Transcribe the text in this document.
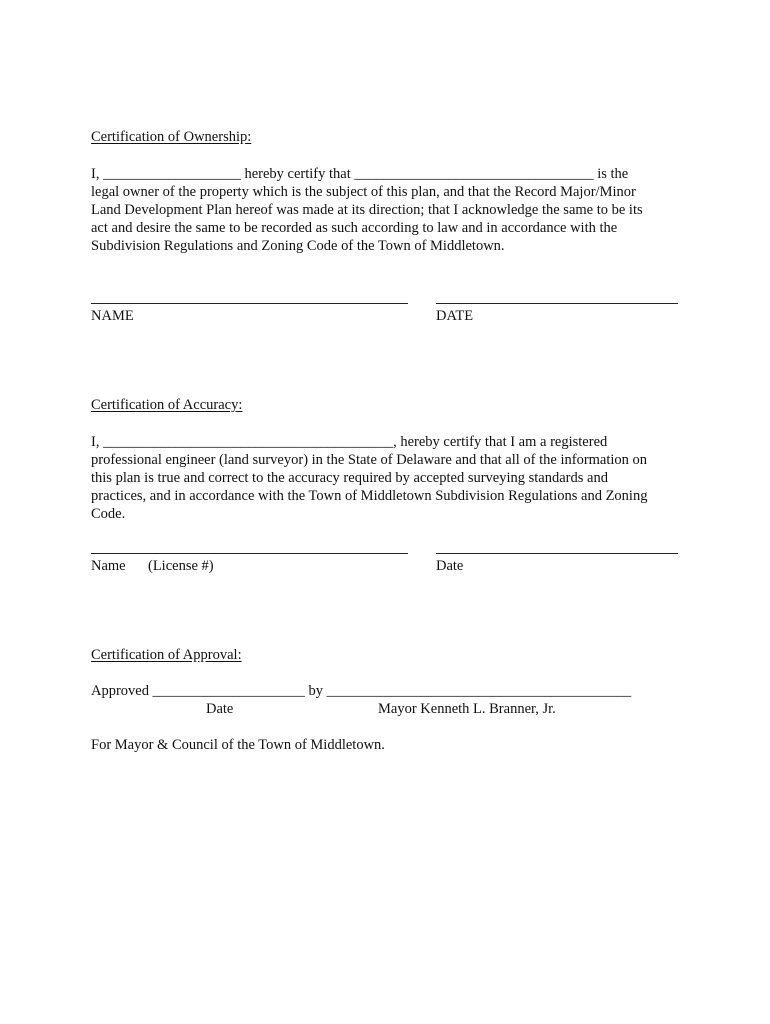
Certification of Ownership:
I, ___________________ hereby certify that _________________________________ is the
legal owner of the property which is the subject of this plan, and that the Record Major/Minor
Land Development Plan hereof was made at its direction; that I acknowledge the same to be its
act and desire the same to be recorded as such according to law and in accordance with the
Subdivision Regulations and Zoning Code of the Town of Middletown.
NAME	DATE
Certification of Accuracy:
I, ________________________________________, hereby certify that I am a registered
professional engineer (land surveyor) in the State of Delaware and that all of the information on
this plan is true and correct to the accuracy required by accepted surveying standards and
practices, and in accordance with the Town of Middletown Subdivision Regulations and Zoning
Code.
Name (License #)	Date
Certification of Approval:
Approved _____________________ by __________________________________________
Date	Mayor Kenneth L. Branner, Jr.
For Mayor & Council of the Town of Middletown.
